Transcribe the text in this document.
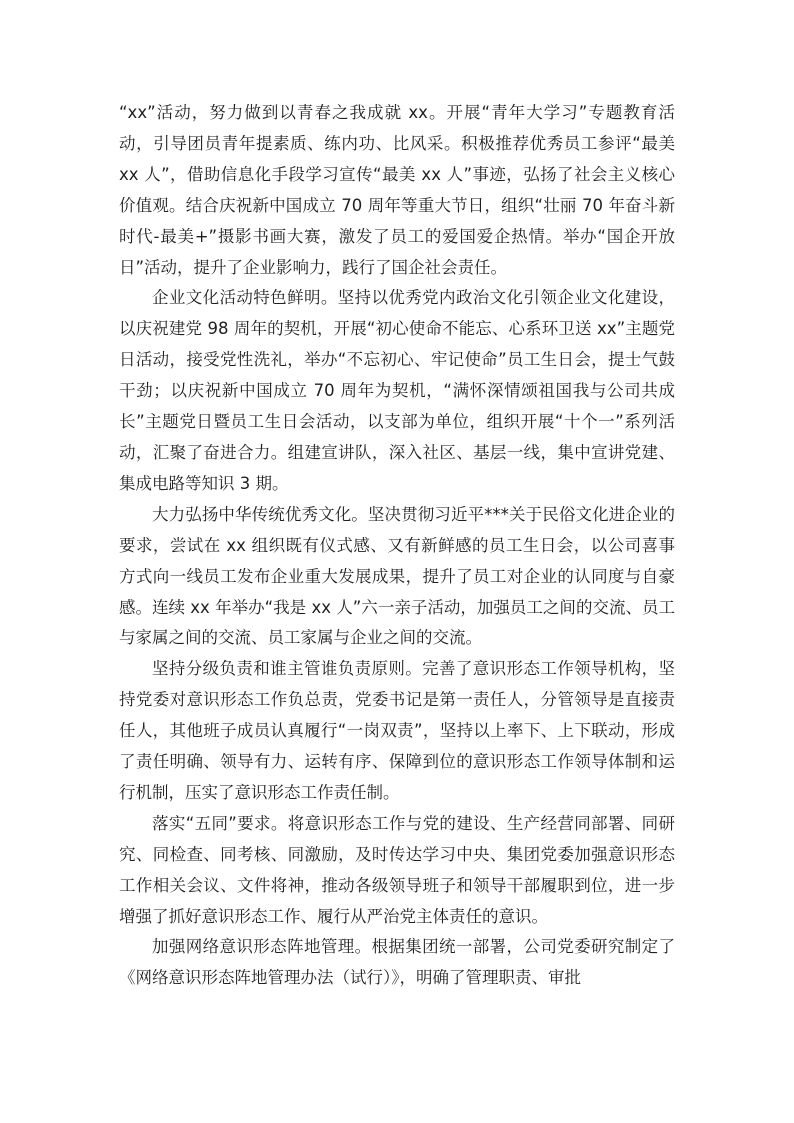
“xx”活动，努力做到以青春之我成就 xx。开展“青年大学习”专题教育活动，引导团员青年提素质、练内功、比风采。积极推荐优秀员工参评“最美 xx 人”，借助信息化手段学习宣传“最美 xx 人”事迹，弘扬了社会主义核心价值观。结合庆祝新中国成立 70 周年等重大节日，组织“壮丽 70 年奋斗新时代-最美+”摄影书画大赛，激发了员工的爱国爱企热情。举办“国企开放日”活动，提升了企业影响力，践行了国企社会责任。

企业文化活动特色鲜明。坚持以优秀党内政治文化引领企业文化建设，以庆祝建党 98 周年的契机，开展“初心使命不能忘、心系环卫送 xx”主题党日活动，接受党性洗礼，举办“不忘初心、牢记使命”员工生日会，提士气鼓干劲；以庆祝新中国成立 70 周年为契机，“满怀深情颂祖国我与公司共成长”主题党日暨员工生日会活动，以支部为单位，组织开展“十个一”系列活动，汇聚了奋进合力。组建宣讲队，深入社区、基层一线，集中宣讲党建、集成电路等知识 3 期。

大力弘扬中华传统优秀文化。坚决贯彻习近平***关于民俗文化进企业的要求，尝试在 xx 组织既有仪式感、又有新鲜感的员工生日会，以公司喜事方式向一线员工发布企业重大发展成果，提升了员工对企业的认同度与自豪感。连续 xx 年举办“我是 xx 人”六一亲子活动，加强员工之间的交流、员工与家属之间的交流、员工家属与企业之间的交流。

坚持分级负责和谁主管谁负责原则。完善了意识形态工作领导机构，坚持党委对意识形态工作负总责，党委书记是第一责任人，分管领导是直接责任人，其他班子成员认真履行“一岗双责”，坚持以上率下、上下联动，形成了责任明确、领导有力、运转有序、保障到位的意识形态工作领导体制和运行机制，压实了意识形态工作责任制。

落实“五同”要求。将意识形态工作与党的建设、生产经营同部署、同研究、同检查、同考核、同激励，及时传达学习中央、集团党委加强意识形态工作相关会议、文件将神，推动各级领导班子和领导干部履职到位，进一步增强了抓好意识形态工作、履行从严治党主体责任的意识。

加强网络意识形态阵地管理。根据集团统一部署，公司党委研究制定了《网络意识形态阵地管理办法（试行）》，明确了管理职责、审批
